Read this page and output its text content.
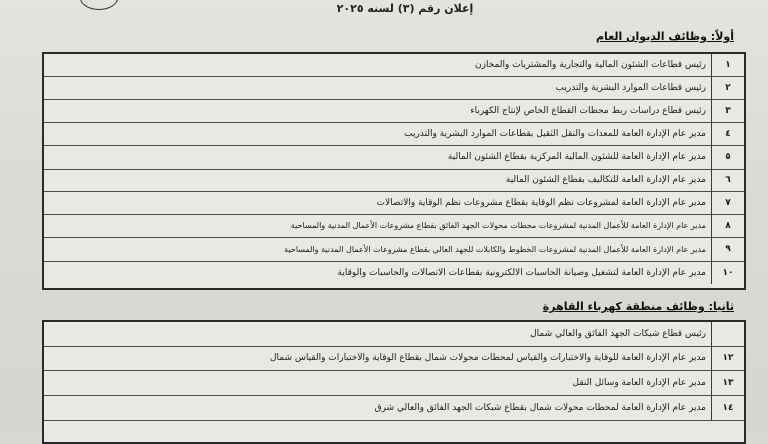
إعلان رقم (٣) لسنه ٢٠٢٥
أولاً: وظائف الديوان العام
١
رئيس قطاعات الشئون المالية والتجارية والمشتريات والمخازن
٢
رئيس قطاعات الموارد البشرية والتدريب
٣
رئيس قطاع دراسات ربط محطات القطاع الخاص لإنتاج الكهرباء
٤
مدير عام الإدارة العامة للمعدات والنقل الثقيل بقطاعات الموارد البشرية والتدريب
٥
مدير عام الإدارة العامة للشئون المالية المركزية بقطاع الشئون المالية
٦
مدير عام الإدارة العامة للتكاليف بقطاع الشئون المالية
٧
مدير عام الإدارة العامة لمشروعات نظم الوقاية بقطاع مشروعات نظم الوقاية والاتصالات
٨
مدير عام الإدارة العامة للأعمال المدنية لمشروعات محطات محولات الجهد الفائق بقطاع مشروعات الأعمال المدنية والمساحية
٩
مدير عام الإدارة العامة للأعمال المدنية لمشروعات الخطوط والكابلات للجهد العالي بقطاع مشروعات الأعمال المدنية والمساحية
١٠
مدير عام الإدارة العامة لتشغيل وصيانة الحاسبات الالكترونية بقطاعات الاتصالات والحاسبات والوقاية
ثانيا: وظائف منطقة كهرباء القاهرة
رئيس قطاع شبكات الجهد الفائق والعالي شمال
١٢
مدير عام الإدارة العامة للوقاية والاختبارات والقياس لمحطات محولات شمال بقطاع الوقاية والاختبارات والقياس شمال
١٣
مدير عام الإدارة العامة وسائل النقل
١٤
مدير عام الإدارة العامة لمحطات محولات شمال بقطاع شبكات الجهد الفائق والعالي شرق
